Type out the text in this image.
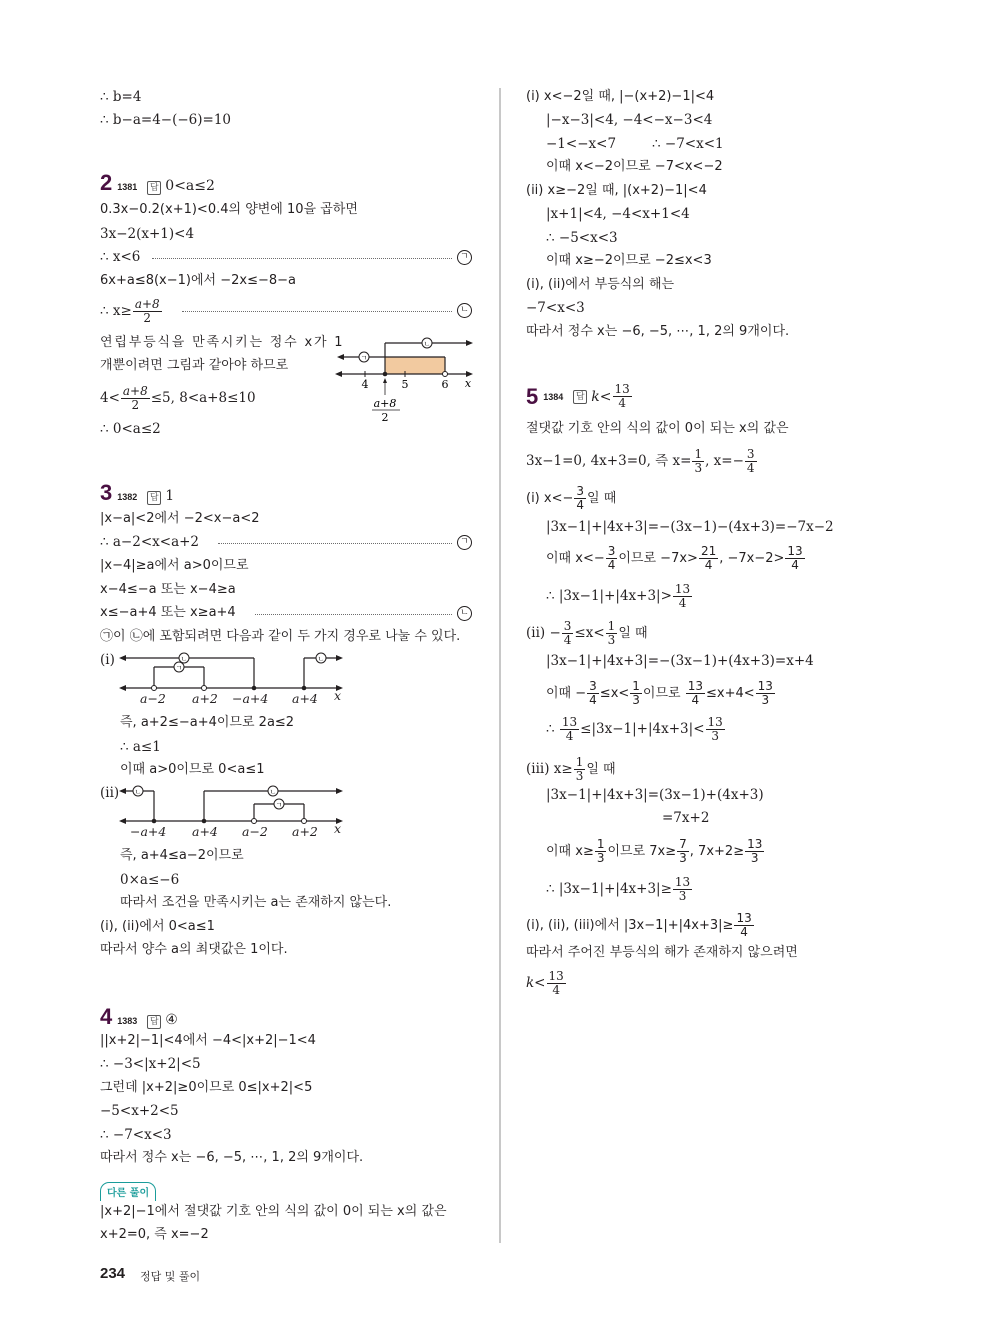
∴ b=4
∴ b−a=4−(−6)=10
2 1381 답 0<a≤2
0.3x−0.2(x+1)<0.4의 양변에 10을 곱하면
3x−2(x+1)<4
∴ x<6	ㄱ
6x+a≤8(x−1)에서 −2x≤−8−a
∴ $x\ge \frac{a+8}{2}$	ㄴ
연립부등식을 만족시키는 정수 x가 1
개뿐이려면 그림과 같아야 하므로
$4< \frac{a+8}{2} \le 5$, 8<a+8≤10
∴ 0<a≤2
ㄴ
ㄱ
4	5	6 x
a+8
2
3 1382 답 1
|x−a|<2에서 −2<x−a<2
∴ a−2<x<a+2	ㄱ
|x−4|≥a에서 a>0이므로
x−4≤−a 또는 x−4≥a
x≤−a+4 또는 x≥a+4	ㄴ
㉠이 ㉡에 포함되려면 다음과 같이 두 가지 경우로 나눌 수 있다.
(i)	ㄴ	ㄴ
ㄱ
a−2 a+2 −a+4 a+4 x
즉, a+2≤−a+4이므로 2a≤2
∴ a≤1
이때 a>0이므로 0<a≤1
(ii) ㄴ	ㄴ
ㄱ
−a+4 a+4 a−2 a+2 x
즉, a+4≤a−2이므로
0×a≤−6
따라서 조건을 만족시키는 a는 존재하지 않는다.
(i), (ii)에서 0<a≤1
따라서 양수 a의 최댓값은 1이다.
4 1383 답 ④
||x+2|−1|<4에서 −4<|x+2|−1<4
∴ −3<|x+2|<5
그런데 |x+2|≥0이므로 0≤|x+2|<5
−5<x+2<5
∴ −7<x<3
따라서 정수 x는 −6, −5, ⋯, 1, 2의 9개이다.
다른 풀이
|x+2|−1에서 절댓값 기호 안의 식의 값이 0이 되는 x의 값은
x+2=0, 즉 x=−2
(i) x<−2일 때, |−(x+2)−1|<4
|−x−3|<4, −4<−x−3<4
−1<−x<7	∴ −7<x<1
이때 x<−2이므로 −7<x<−2
(ii) x≥−2일 때, |(x+2)−1|<4
|x+1|<4, −4<x+1<4
∴ −5<x<3
이때 x≥−2이므로 −2≤x<3
(i), (ii)에서 부등식의 해는
−7<x<3
따라서 정수 x는 −6, −5, ⋯, 1, 2의 9개이다.
5 1384 답 $k< \frac{13}{4}$
절댓값 기호 안의 식의 값이 0이 되는 x의 값은
3x−1=0, 4x+3=0, 즉 $x= \frac{1}{3}$ , $x=- \frac{3}{4}$
(i) $x<- \frac{3}{4}$ 일 때
|3x−1|+|4x+3|=−(3x−1)−(4x+3)=−7x−2
이때 $x<- \frac{3}{4}$ 이므로 $-7x> \frac{21}{4}$ , $-7x-2> \frac{13}{4}$
∴ $|3x-1|+|4x+3|> \frac{13}{4}$
$(ii) - \frac{3}{4} \le x< \frac{1}{3}$ 일 때
|3x−1|+|4x+3|=−(3x−1)+(4x+3)=x+4
이때 − $\frac{3}{4} \le x< \frac{1}{3}$ 이므로 $\frac{13}{4} \le x+4< \frac{13}{3}$
∴ $\frac{13}{4} \le|3x-1|+|4x+3|< \frac{13}{3}$
(iii) $x\ge \frac{1}{3}$ 일 때
|3x−1|+|4x+3|=(3x−1)+(4x+3)
=7x+2
이때 $x\ge \frac{1}{3}$ 이므로 $7x\ge \frac{7}{3}$ , $7x+2\ge \frac{13}{3}$
∴ $|3x-1|+|4x+3|\ge \frac{13}{3}$
(i), (ii), (iii)에서 $|3x-1|+|4x+3|\ge \frac{13}{4}$
따라서 주어진 부등식의 해가 존재하지 않으려면
$k< \frac{13}{4}$
234 정답 및 풀이
